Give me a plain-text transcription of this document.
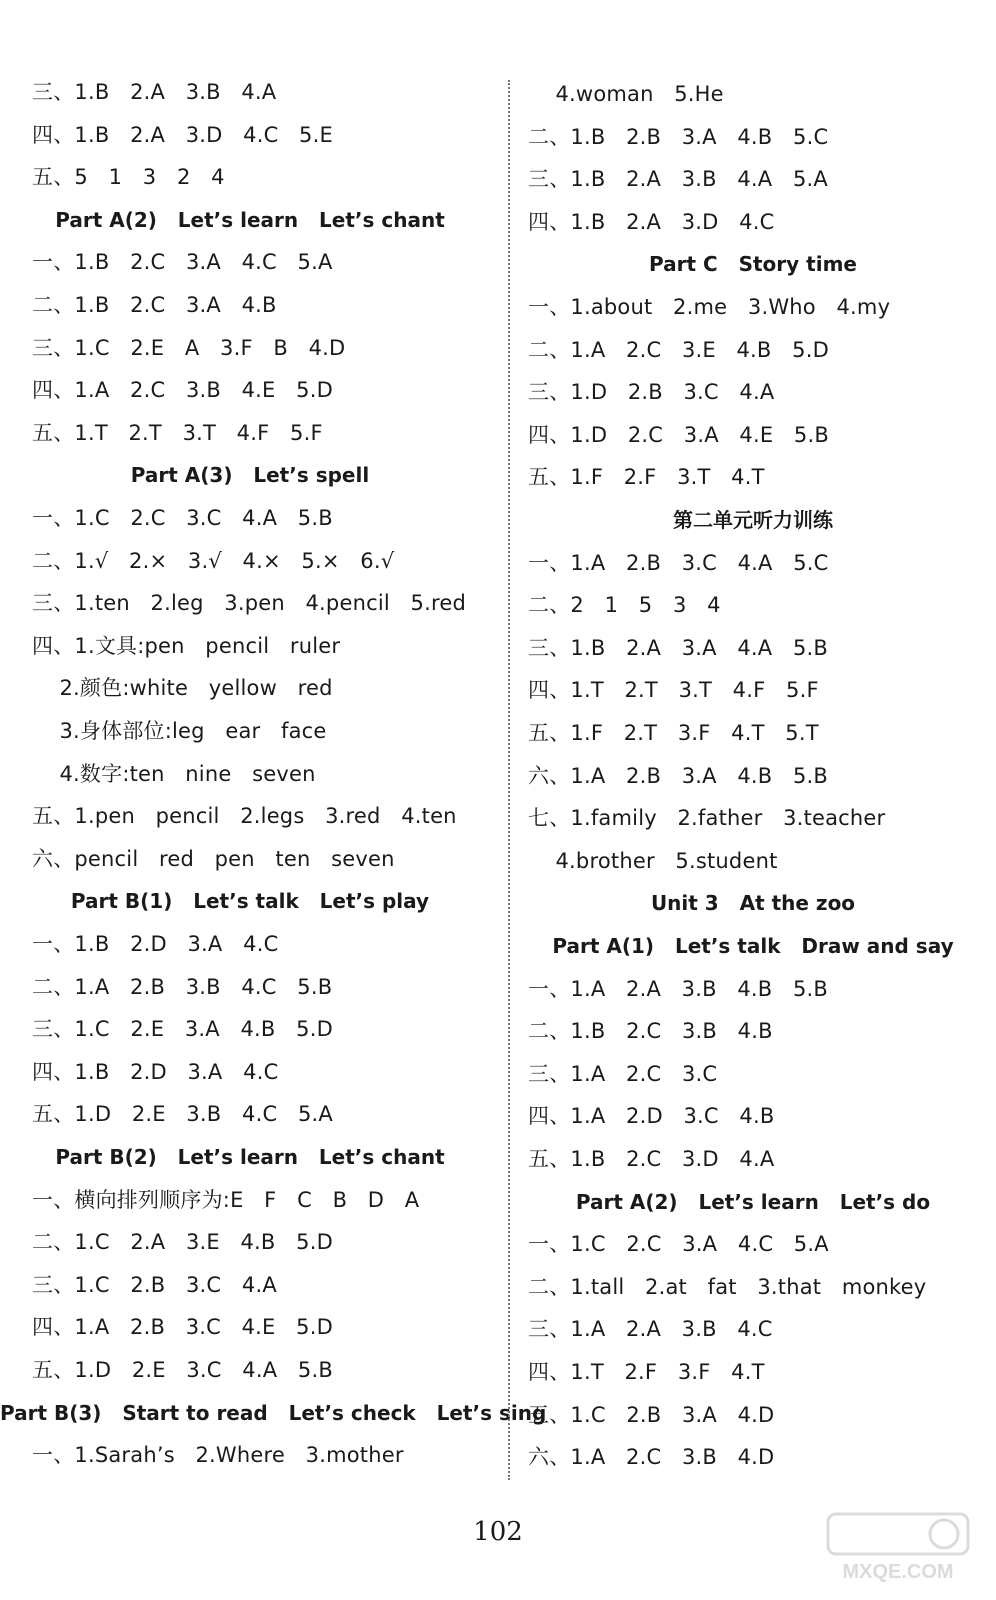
三、1.B   2.A   3.B   4.A
四、1.B   2.A   3.D   4.C   5.E
五、5   1   3   2   4
Part A(2)   Let’s learn   Let’s chant
一、1.B   2.C   3.A   4.C   5.A
二、1.B   2.C   3.A   4.B
三、1.C   2.E   A   3.F   B   4.D
四、1.A   2.C   3.B   4.E   5.D
五、1.T   2.T   3.T   4.F   5.F
Part A(3)   Let’s spell
一、1.C   2.C   3.C   4.A   5.B
二、1.√   2.×   3.√   4.×   5.×   6.√
三、1.ten   2.leg   3.pen   4.pencil   5.red
四、1.文具:pen   pencil   ruler
2.颜色:white   yellow   red
3.身体部位:leg   ear   face
4.数字:ten   nine   seven
五、1.pen   pencil   2.legs   3.red   4.ten
六、pencil   red   pen   ten   seven
Part B(1)   Let’s talk   Let’s play
一、1.B   2.D   3.A   4.C
二、1.A   2.B   3.B   4.C   5.B
三、1.C   2.E   3.A   4.B   5.D
四、1.B   2.D   3.A   4.C
五、1.D   2.E   3.B   4.C   5.A
Part B(2)   Let’s learn   Let’s chant
一、横向排列顺序为:E   F   C   B   D   A
二、1.C   2.A   3.E   4.B   5.D
三、1.C   2.B   3.C   4.A
四、1.A   2.B   3.C   4.E   5.D
五、1.D   2.E   3.C   4.A   5.B
Part B(3)   Start to read   Let’s check   Let’s sing
一、1.Sarah’s   2.Where   3.mother
4.woman   5.He
二、1.B   2.B   3.A   4.B   5.C
三、1.B   2.A   3.B   4.A   5.A
四、1.B   2.A   3.D   4.C
Part C   Story time
一、1.about   2.me   3.Who   4.my
二、1.A   2.C   3.E   4.B   5.D
三、1.D   2.B   3.C   4.A
四、1.D   2.C   3.A   4.E   5.B
五、1.F   2.F   3.T   4.T
第二单元听力训练
一、1.A   2.B   3.C   4.A   5.C
二、2   1   5   3   4
三、1.B   2.A   3.A   4.A   5.B
四、1.T   2.T   3.T   4.F   5.F
五、1.F   2.T   3.F   4.T   5.T
六、1.A   2.B   3.A   4.B   5.B
七、1.family   2.father   3.teacher
4.brother   5.student
Unit 3   At the zoo
Part A(1)   Let’s talk   Draw and say
一、1.A   2.A   3.B   4.B   5.B
二、1.B   2.C   3.B   4.B
三、1.A   2.C   3.C
四、1.A   2.D   3.C   4.B
五、1.B   2.C   3.D   4.A
Part A(2)   Let’s learn   Let’s do
一、1.C   2.C   3.A   4.C   5.A
二、1.tall   2.at   fat   3.that   monkey
三、1.A   2.A   3.B   4.C
四、1.T   2.F   3.F   4.T
五、1.C   2.B   3.A   4.D
六、1.A   2.C   3.B   4.D
102
MXQE.COM
